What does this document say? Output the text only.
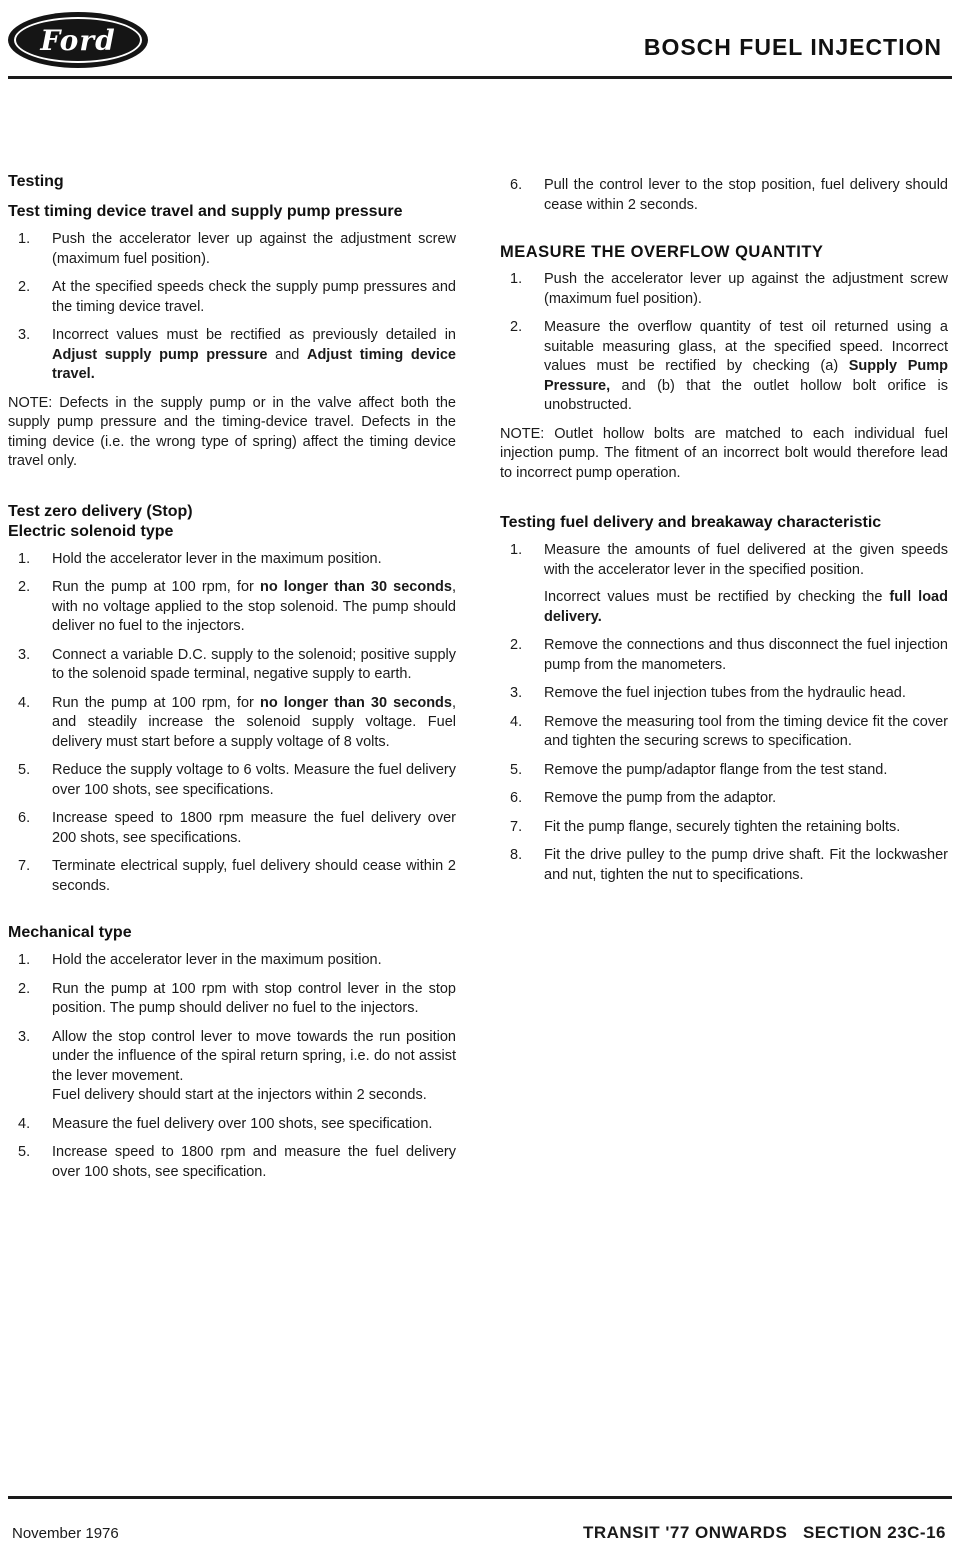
Ford	BOSCH FUEL INJECTION
Testing
Test timing device travel and supply pump pressure
1.	Push the accelerator lever up against the adjustment screw (maximum fuel position).
2.	At the specified speeds check the supply pump pressures and the timing device travel.
3.	Incorrect values must be rectified as previously detailed in Adjust supply pump pressure and Adjust timing device travel.
NOTE: Defects in the supply pump or in the valve affect both the supply pump pressure and the timing-device travel. Defects in the timing device (i.e. the wrong type of spring) affect the timing device travel only.
Test zero delivery (Stop)
Electric solenoid type
1.	Hold the accelerator lever in the maximum position.
2.	Run the pump at 100 rpm, for no longer than 30 seconds, with no voltage applied to the stop solenoid. The pump should deliver no fuel to the injectors.
3.	Connect a variable D.C. supply to the solenoid; positive supply to the solenoid spade terminal, negative supply to earth.
4.	Run the pump at 100 rpm, for no longer than 30 seconds, and steadily increase the solenoid supply voltage. Fuel delivery must start before a supply voltage of 8 volts.
5.	Reduce the supply voltage to 6 volts. Measure the fuel delivery over 100 shots, see specifications.
6.	Increase speed to 1800 rpm measure the fuel delivery over 200 shots, see specifications.
7.	Terminate electrical supply, fuel delivery should cease within 2 seconds.
Mechanical type
1.	Hold the accelerator lever in the maximum position.
2.	Run the pump at 100 rpm with stop control lever in the stop position. The pump should deliver no fuel to the injectors.
3.	Allow the stop control lever to move towards the run position under the influence of the spiral return spring, i.e. do not assist the lever movement.
Fuel delivery should start at the injectors within 2 seconds.
4.	Measure the fuel delivery over 100 shots, see specification.
5.	Increase speed to 1800 rpm and measure the fuel delivery over 100 shots, see specification.
6.	Pull the control lever to the stop position, fuel delivery should cease within 2 seconds.
MEASURE THE OVERFLOW QUANTITY
1.	Push the accelerator lever up against the adjustment screw (maximum fuel position).
2.	Measure the overflow quantity of test oil returned using a suitable measuring glass, at the specified speed. Incorrect values must be rectified by checking (a) Supply Pump Pressure, and (b) that the outlet hollow bolt orifice is unobstructed.
NOTE: Outlet hollow bolts are matched to each individual fuel injection pump. The fitment of an incorrect bolt would therefore lead to incorrect pump operation.
Testing fuel delivery and breakaway characteristic
1.	Measure the amounts of fuel delivered at the given speeds with the accelerator lever in the specified position.
Incorrect values must be rectified by checking the full load delivery.
2.	Remove the connections and thus disconnect the fuel injection pump from the manometers.
3.	Remove the fuel injection tubes from the hydraulic head.
4.	Remove the measuring tool from the timing device fit the cover and tighten the securing screws to specification.
5.	Remove the pump/adaptor flange from the test stand.
6.	Remove the pump from the adaptor.
7.	Fit the pump flange, securely tighten the retaining bolts.
8.	Fit the drive pulley to the pump drive shaft. Fit the lockwasher and nut, tighten the nut to specifications.
November 1976	TRANSIT '77 ONWARDS   SECTION 23C-16
